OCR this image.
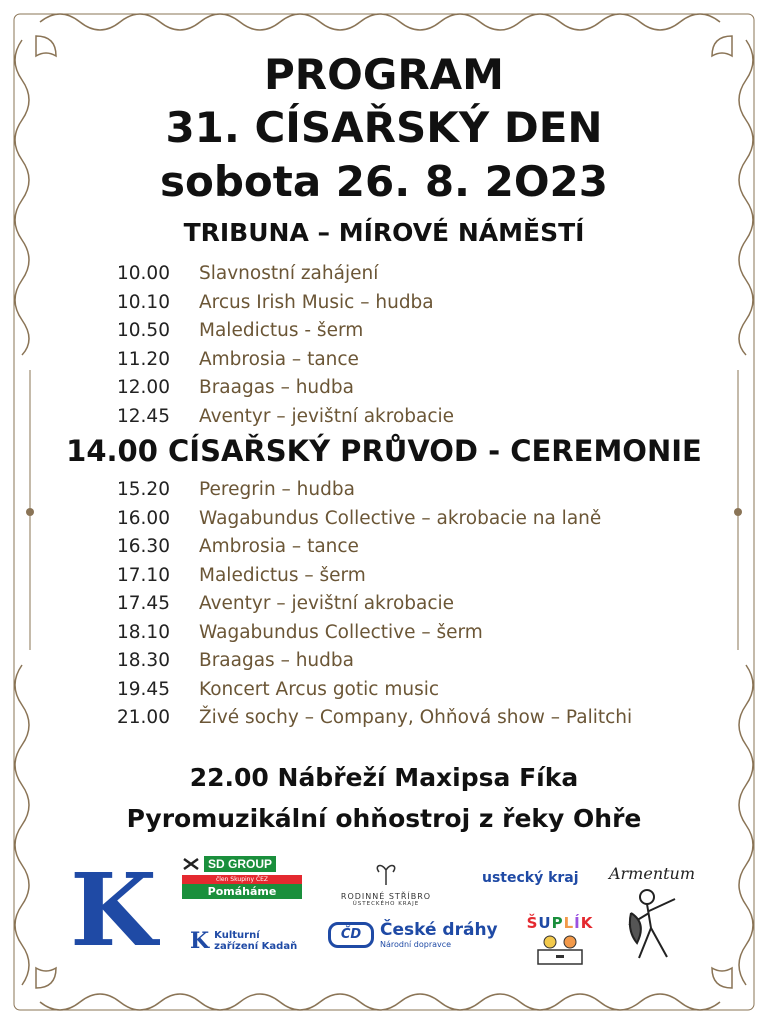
PROGRAM
31. CÍSAŘSKÝ DEN
sobota 26. 8. 2O23
TRIBUNA – MÍROVÉ NÁMĚSTÍ
10.00 Slavnostní zahájení
10.10 Arcus Irish Music – hudba
10.50 Maledictus - šerm
11.20 Ambrosia – tance
12.00 Braagas – hudba
12.45 Aventyr – jevištní akrobacie
14.00 CÍSAŘSKÝ PRŮVOD - CEREMONIE
15.20 Peregrin – hudba
16.00 Wagabundus Collective – akrobacie na laně
16.30 Ambrosia – tance
17.10 Maledictus – šerm
17.45 Aventyr – jevištní akrobacie
18.10 Wagabundus Collective – šerm
18.30 Braagas – hudba
19.45 Koncert Arcus gotic music
21.00 Živé sochy – Company, Ohňová show – Palitchi
22.00 Nábřeží Maxipsa Fíka
Pyromuzikální ohňostroj z řeky Ohře
K	SD GROUP
člen Skupiny ČEZ
Pomáháme	RODINNÉ STŘÍBRO
ÚSTECKÉHO KRAJE
ustecký kraj	Armentum
K Kulturní
zařízení Kadaň
ČD	České dráhy
Národní dopravce
ŠUPLÍK
